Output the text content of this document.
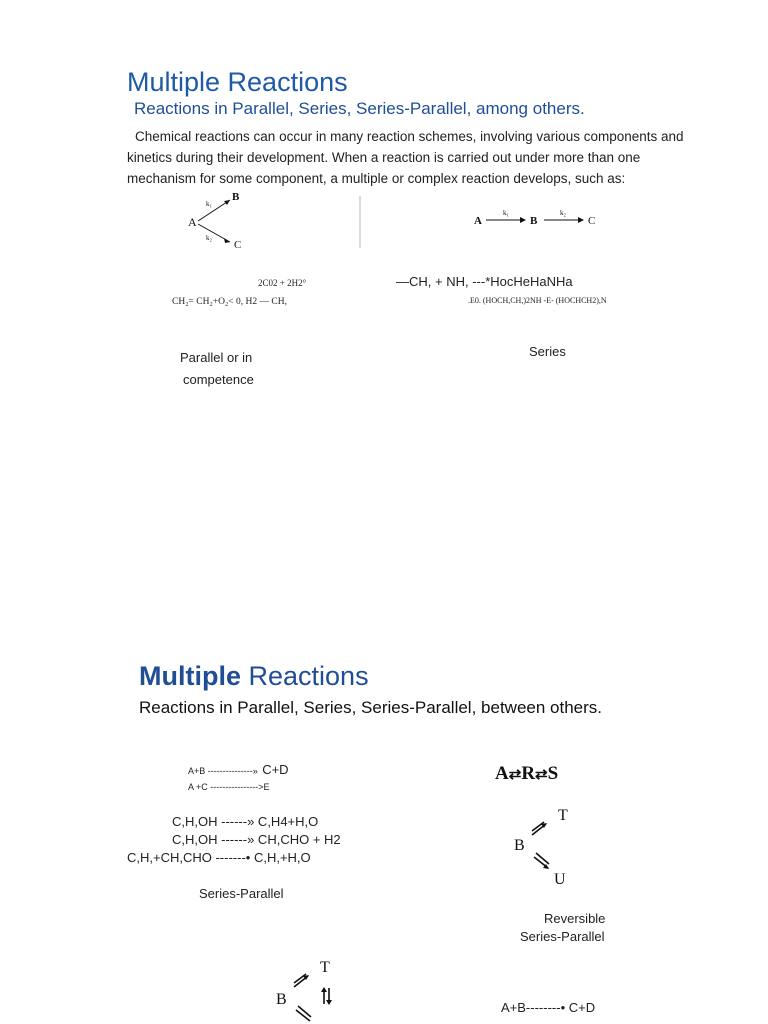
Multiple Reactions
Reactions in Parallel, Series, Series-Parallel, among others.

Chemical reactions can occur in many reaction schemes, involving various components and

kinetics during their development. When a reaction is carried out under more than one

mechanism for some component, a multiple or complex reaction develops, such as:

A
B
C
k₁
k₂
A
k₁
B
k₂
C
2C02 + 2H2°
CH₂= CH₂+O₂< 0, H2 — CH,
—CH, + NH, ---*HocHeHaNHa
.E0. (HOCH,CH,)2NH -E- (HOCHCH2),N
Parallel or in
competence
Series
Multiple Reactions
Reactions in Parallel, Series, Series-Parallel, between others.
A+B ---------------» C+D
A +C ---------------->E
C,H,OH ------» C,H4+H,O
C,H,OH ------» CH,CHO + H2
C,H,+CH,CHO -------• C,H,+H,O
Series-Parallel
A⇄R⇄S
T
B
U
Reversible
Series-Parallel
T
B	A+B--------• C+D
